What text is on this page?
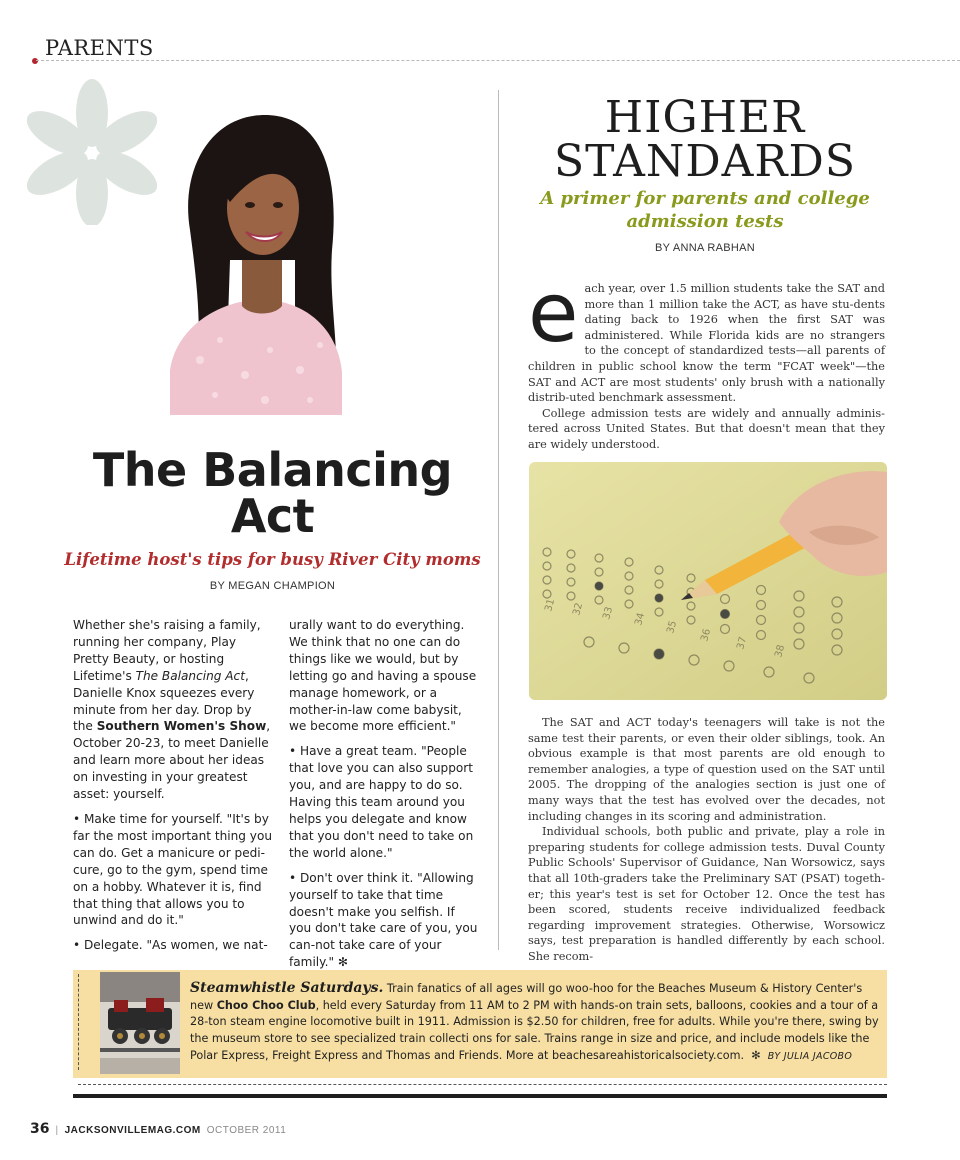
PARENTS
The Balancing
Act
Lifetime host's tips for busy River City moms
BY MEGAN CHAMPION

Whether she's raising a family, running her company, Play Pretty Beauty, or hosting Lifetime's The Balancing Act, Danielle Knox squeezes every minute from her day. Drop by the Southern Women's Show, October 20-23, to meet Danielle and learn more about her ideas on investing in your greatest asset: yourself.

• Make time for yourself. "It's by far the most important thing you can do. Get a manicure or pedi-cure, go to the gym, spend time on a hobby. Whatever it is, find that thing that allows you to unwind and do it."

• Delegate. "As women, we nat-

urally want to do everything. We think that no one can do things like we would, but by letting go and having a spouse manage homework, or a mother-in-law come babysit, we become more efficient."

• Have a great team. "People that love you can also support you, and are happy to do so. Having this team around you helps you delegate and know that you don't need to take on the world alone."

• Don't over think it. "Allowing yourself to take that time doesn't make you selfish. If you don't take care of you, you can-not take care of your family." ✻

HIGHER
STANDARDS
A primer for parents and college admission tests
BY ANNA RABHAN

each year, over 1.5 million students take the SAT and more than 1 million take the ACT, as have stu-dents dating back to 1926 when the first SAT was administered. While Florida kids are no strangers to the concept of standardized tests—all parents of children in public school know the term "FCAT week"—the SAT and ACT are most students' only brush with a nationally distrib-uted benchmark assessment.

College admission tests are widely and annually adminis-tered across United States. But that doesn't mean that they are widely understood.

31 32 33 34
35
36
37
38

The SAT and ACT today's teenagers will take is not the same test their parents, or even their older siblings, took. An obvious example is that most parents are old enough to remember analogies, a type of question used on the SAT until 2005. The dropping of the analogies section is just one of many ways that the test has evolved over the decades, not including changes in its scoring and administration.

Individual schools, both public and private, play a role in preparing students for college admission tests. Duval County Public Schools' Supervisor of Guidance, Nan Worsowicz, says that all 10th-graders take the Preliminary SAT (PSAT) togeth-er; this year's test is set for October 12. Once the test has been scored, students receive individualized feedback regarding improvement strategies. Otherwise, Worsowicz says, test preparation is handled differently by each school. She recom-

Steamwhistle Saturdays. Train fanatics of all ages will go woo-hoo for the Beaches Museum & History Center's new Choo Choo Club, held every Saturday from 11 AM to 2 PM with hands-on train sets, balloons, cookies and a tour of a 28-ton steam engine locomotive built in 1911. Admission is $2.50 for children, free for adults. While you're there, swing by the museum store to see specialized train collecti ons for sale. Trains range in size and price, and include models like the Polar Express, Freight Express and Thomas and Friends. More at beachesareahistoricalsociety.com. ✻ BY JULIA JACOBO
36 | JACKSONVILLEMAG.COM OCTOBER 2011
